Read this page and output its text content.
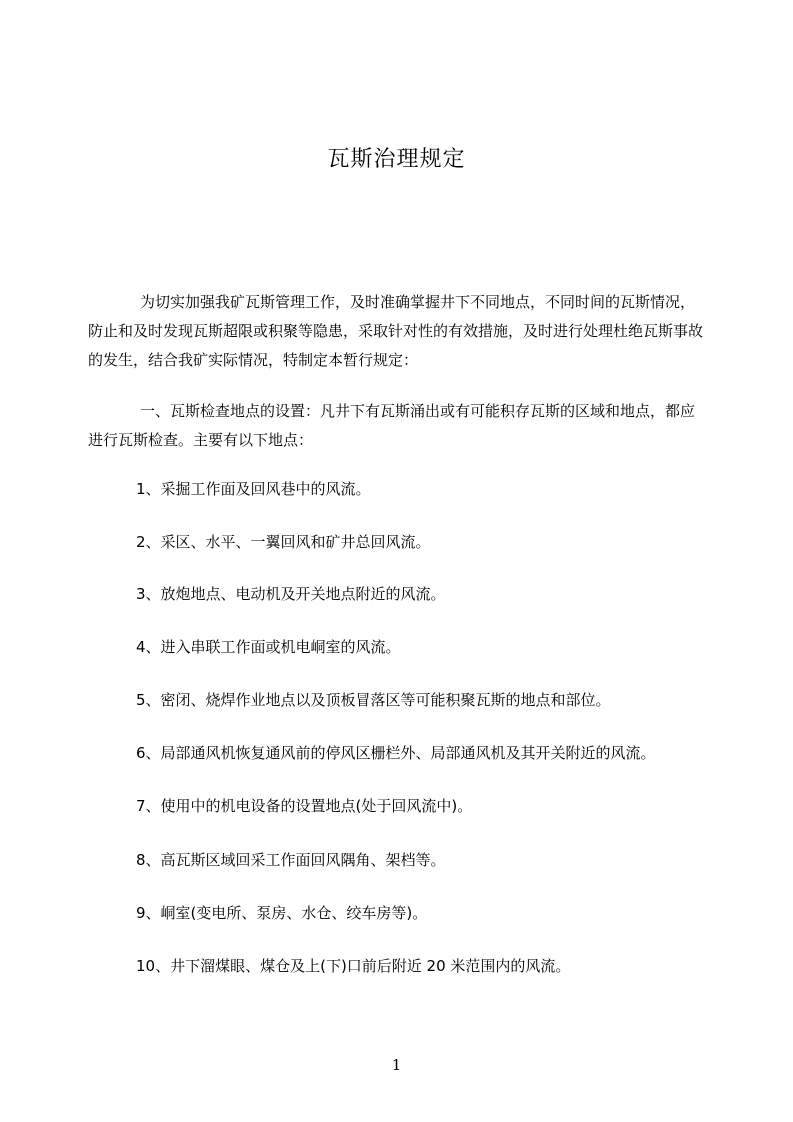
瓦斯治理规定
为切实加强我矿瓦斯管理工作，及时准确掌握井下不同地点，不同时间的瓦斯情况，防止和及时发现瓦斯超限或积聚等隐患，采取针对性的有效措施，及时进行处理杜绝瓦斯事故的发生，结合我矿实际情况，特制定本暂行规定：
一、瓦斯检查地点的设置：凡井下有瓦斯涌出或有可能积存瓦斯的区域和地点，都应进行瓦斯检查。主要有以下地点：
1、采掘工作面及回风巷中的风流。
2、采区、水平、一翼回风和矿井总回风流。
3、放炮地点、电动机及开关地点附近的风流。
4、进入串联工作面或机电峒室的风流。
5、密闭、烧焊作业地点以及顶板冒落区等可能积聚瓦斯的地点和部位。
6、局部通风机恢复通风前的停风区栅栏外、局部通风机及其开关附近的风流。
7、使用中的机电设备的设置地点(处于回风流中)。
8、高瓦斯区域回采工作面回风隅角、架档等。
9、峒室(变电所、泵房、水仓、绞车房等)。
10、井下溜煤眼、煤仓及上(下)口前后附近 20 米范围内的风流。
1
